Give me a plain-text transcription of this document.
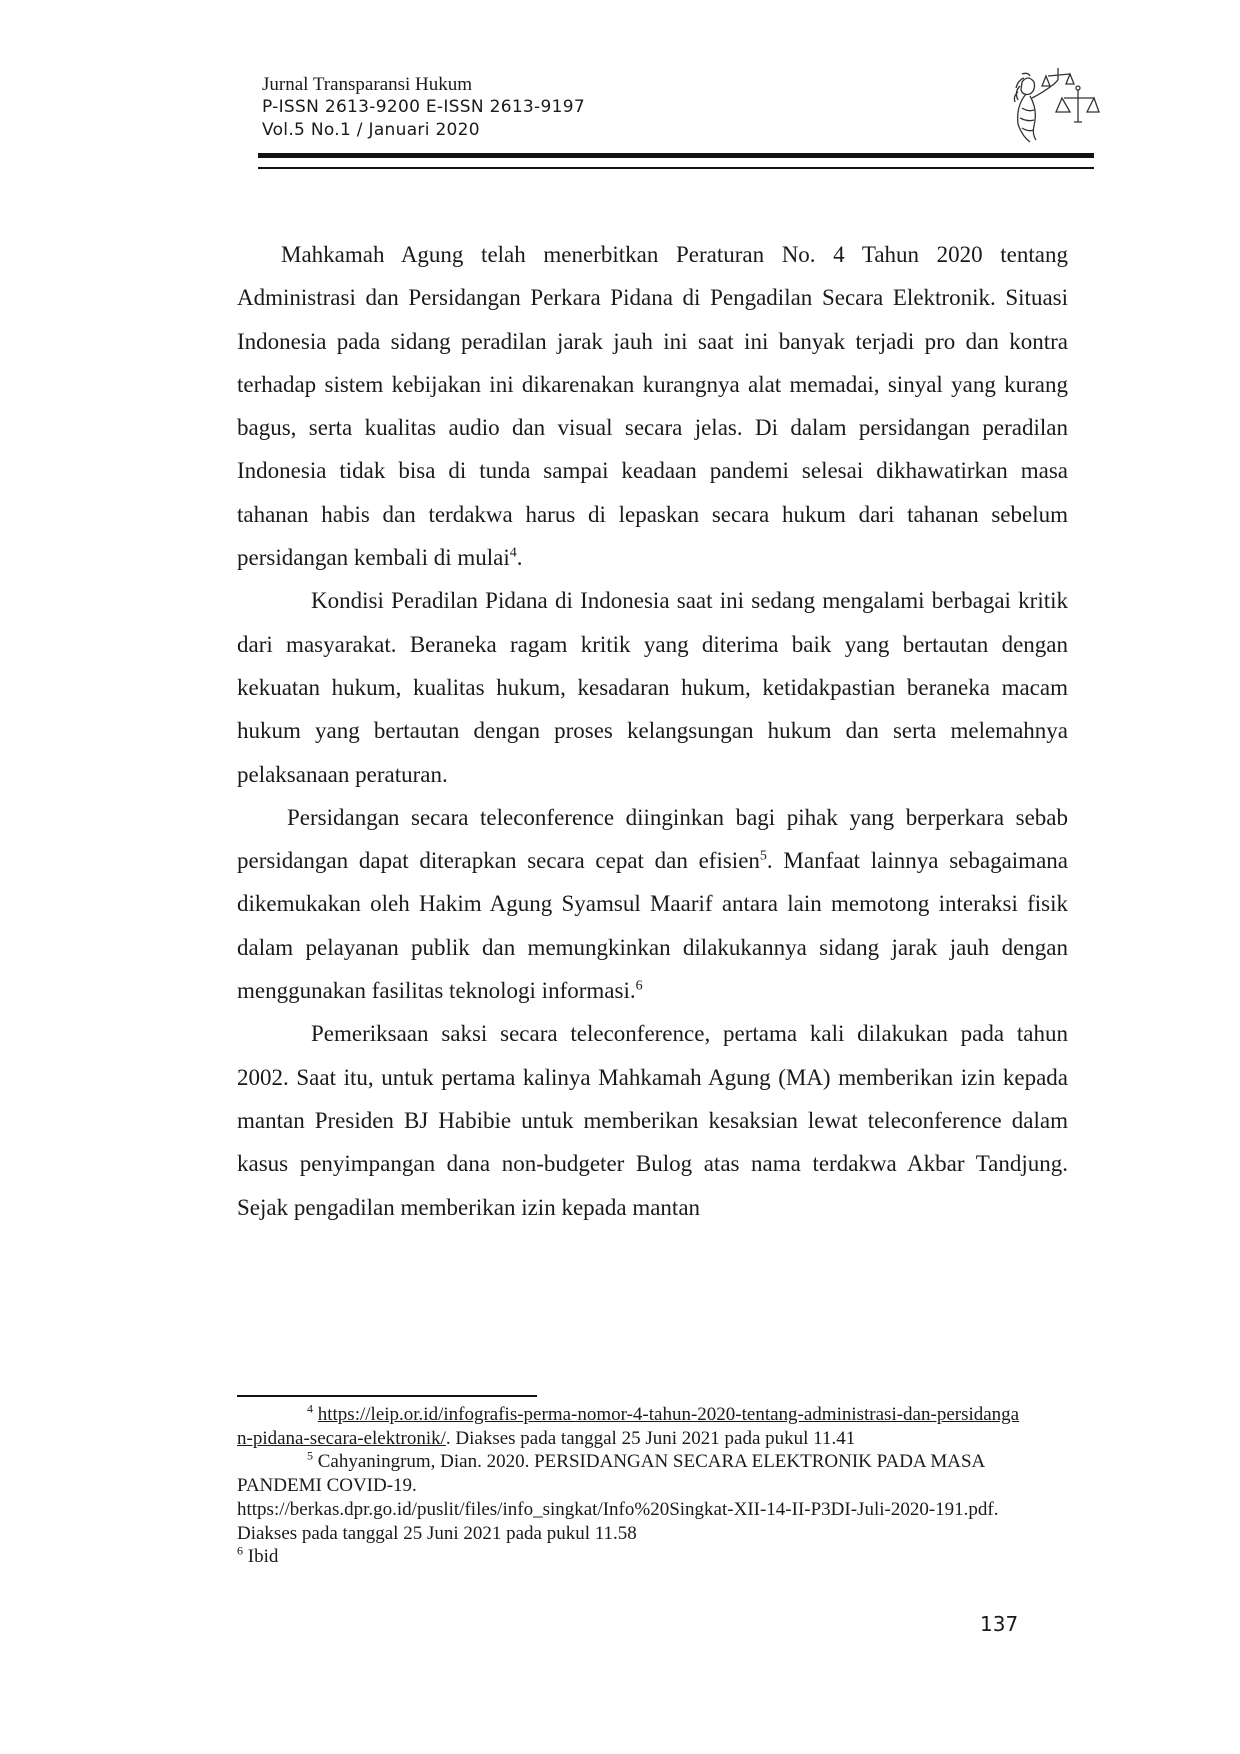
Jurnal Transparansi Hukum
P-ISSN 2613-9200 E-ISSN 2613-9197
Vol.5 No.1 / Januari 2020

Mahkamah Agung telah menerbitkan Peraturan No. 4 Tahun 2020 tentang Administrasi dan Persidangan Perkara Pidana di Pengadilan Secara Elektronik. Situasi Indonesia pada sidang peradilan jarak jauh ini saat ini banyak terjadi pro dan kontra terhadap sistem kebijakan ini dikarenakan kurangnya alat memadai, sinyal yang kurang bagus, serta kualitas audio dan visual secara jelas. Di dalam persidangan peradilan Indonesia tidak bisa di tunda sampai keadaan pandemi selesai dikhawatirkan masa tahanan habis dan terdakwa harus di lepaskan secara hukum dari tahanan sebelum persidangan kembali di mulai$^4$.

Kondisi Peradilan Pidana di Indonesia saat ini sedang mengalami berbagai kritik dari masyarakat. Beraneka ragam kritik yang diterima baik yang bertautan dengan kekuatan hukum, kualitas hukum, kesadaran hukum, ketidakpastian beraneka macam hukum yang bertautan dengan proses kelangsungan hukum dan serta melemahnya pelaksanaan peraturan.

Persidangan secara teleconference diinginkan bagi pihak yang berperkara sebab persidangan dapat diterapkan secara cepat dan efisien$^5$. Manfaat lainnya sebagaimana dikemukakan oleh Hakim Agung Syamsul Maarif antara lain memotong interaksi fisik dalam pelayanan publik dan memungkinkan dilakukannya sidang jarak jauh dengan menggunakan fasilitas teknologi informasi.$^6$

Pemeriksaan saksi secara teleconference, pertama kali dilakukan pada tahun 2002. Saat itu, untuk pertama kalinya Mahkamah Agung (MA) memberikan izin kepada mantan Presiden BJ Habibie untuk memberikan kesaksian lewat teleconference dalam kasus penyimpangan dana non-budgeter Bulog atas nama terdakwa Akbar Tandjung. Sejak pengadilan memberikan izin kepada mantan

$^4$ https://leip.or.id/infografis-perma-nomor-4-tahun-2020-tentang-administrasi-dan-persidangan-pidana-secara-elektronik/. Diakses pada tanggal 25 Juni 2021 pada pukul 11.41
$^5$ Cahyaningrum, Dian. 2020. PERSIDANGAN SECARA ELEKTRONIK PADA MASA PANDEMI COVID-19.
https://berkas.dpr.go.id/puslit/files/info_singkat/Info%20Singkat-XII-14-II-P3DI-Juli-2020-191.pdf. Diakses pada tanggal 25 Juni 2021 pada pukul 11.58
$^6$ Ibid
137
